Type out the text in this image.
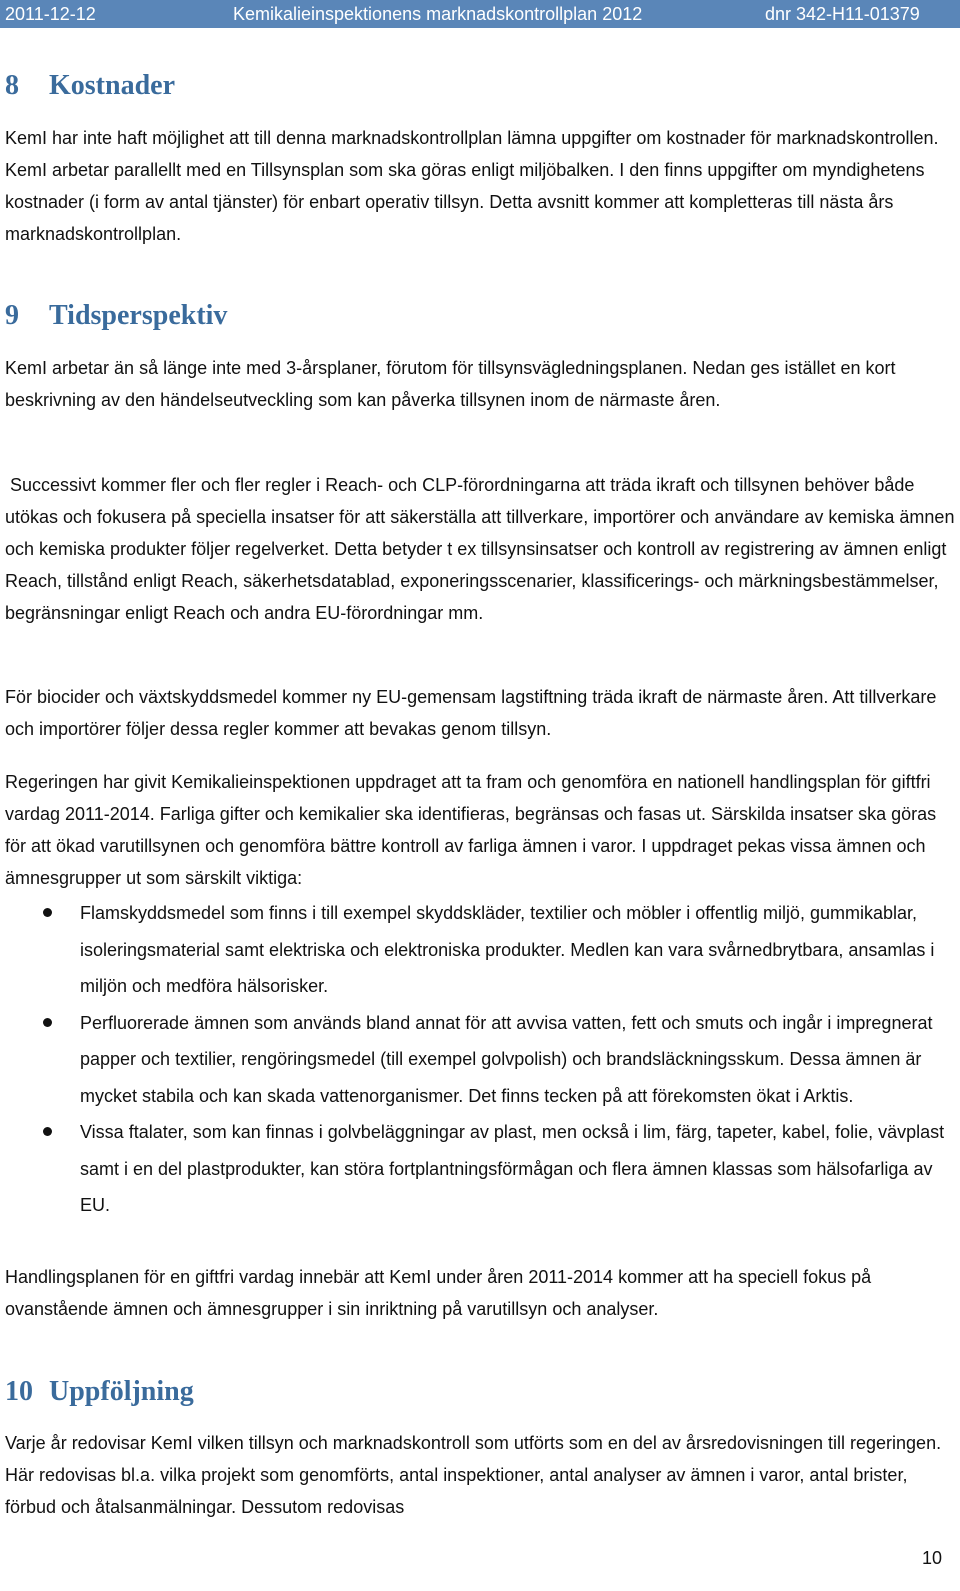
2011-12-12	Kemikalieinspektionens marknadskontrollplan 2012	dnr 342-H11-01379
8 Kostnader

KemI har inte haft möjlighet att till denna marknadskontrollplan lämna uppgifter om kostnader för marknadskontrollen. KemI arbetar parallellt med en Tillsynsplan som ska göras enligt miljöbalken. I den finns uppgifter om myndighetens kostnader (i form av antal tjänster) för enbart operativ tillsyn. Detta avsnitt kommer att kompletteras till nästa års marknadskontrollplan.

9 Tidsperspektiv

KemI arbetar än så länge inte med 3-årsplaner, förutom för tillsynsvägledningsplanen. Nedan ges istället en kort beskrivning av den händelseutveckling som kan påverka tillsynen inom de närmaste åren.

Successivt kommer fler och fler regler i Reach- och CLP-förordningarna att träda ikraft och tillsynen behöver både utökas och fokusera på speciella insatser för att säkerställa att tillverkare, importörer och användare av kemiska ämnen och kemiska produkter följer regelverket. Detta betyder t ex tillsynsinsatser och kontroll av registrering av ämnen enligt Reach, tillstånd enligt Reach, säkerhetsdatablad, exponeringsscenarier, klassificerings- och märkningsbestämmelser, begränsningar enligt Reach och andra EU-förordningar mm.

För biocider och växtskyddsmedel kommer ny EU-gemensam lagstiftning träda ikraft de närmaste åren. Att tillverkare och importörer följer dessa regler kommer att bevakas genom tillsyn.

Regeringen har givit Kemikalieinspektionen uppdraget att ta fram och genomföra en nationell handlingsplan för giftfri vardag 2011-2014. Farliga gifter och kemikalier ska identifieras, begränsas och fasas ut. Särskilda insatser ska göras för att ökad varutillsynen och genomföra bättre kontroll av farliga ämnen i varor. I uppdraget pekas vissa ämnen och ämnesgrupper ut som särskilt viktiga:

Flamskyddsmedel som finns i till exempel skyddskläder, textilier och möbler i offentlig miljö, gummikablar, isoleringsmaterial samt elektriska och elektroniska produkter. Medlen kan vara svårnedbrytbara, ansamlas i miljön och medföra hälsorisker.
Perfluorerade ämnen som används bland annat för att avvisa vatten, fett och smuts och ingår i impregnerat papper och textilier, rengöringsmedel (till exempel golvpolish) och brandsläckningsskum. Dessa ämnen är mycket stabila och kan skada vattenorganismer. Det finns tecken på att förekomsten ökat i Arktis.
Vissa ftalater, som kan finnas i golvbeläggningar av plast, men också i lim, färg, tapeter, kabel, folie, vävplast samt i en del plastprodukter, kan störa fortplantningsförmågan och flera ämnen klassas som hälsofarliga av EU.

Handlingsplanen för en giftfri vardag innebär att KemI under åren 2011-2014 kommer att ha speciell fokus på ovanstående ämnen och ämnesgrupper i sin inriktning på varutillsyn och analyser.

10 Uppföljning

Varje år redovisar KemI vilken tillsyn och marknadskontroll som utförts som en del av årsredovisningen till regeringen. Här redovisas bl.a. vilka projekt som genomförts, antal inspektioner, antal analyser av ämnen i varor, antal brister, förbud och åtalsanmälningar. Dessutom redovisas

10
